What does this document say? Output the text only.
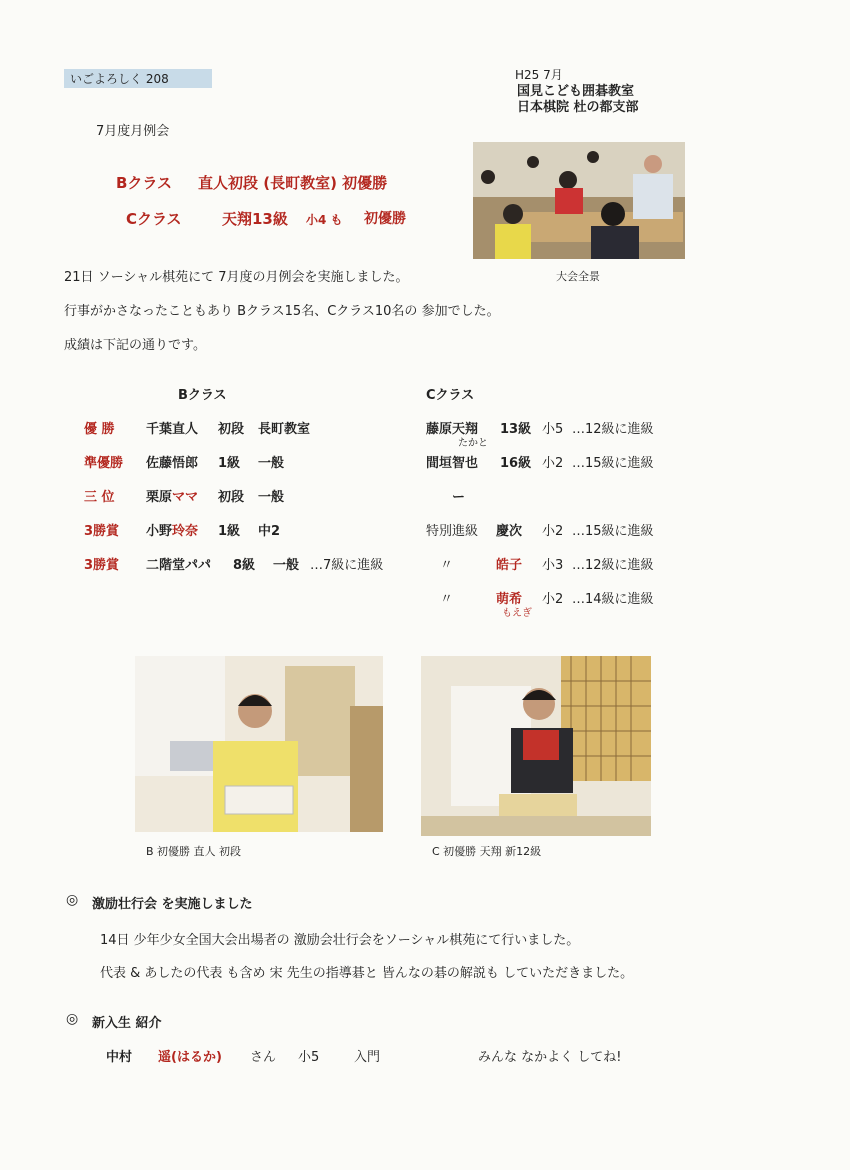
いごよろしく 208	H25 7月
国見こども囲碁教室
日本棋院 杜の都支部
7月度月例会
Bクラス 直人初段 (長町教室) 初優勝
Cクラス	天翔13級 小4 も 初優勝
大会全景
21日 ソーシャル棋苑にて 7月度の月例会を実施しました。
行事がかさなったこともあり Bクラス15名、Cクラス10名の 参加でした。
成績は下記の通りです。
Bクラス
優 勝 千葉直人 初段 長町教室
準優勝 佐藤悟郎 1級 一般
三 位 栗原ママ 初段 一般
3勝賞 小野玲奈 1級 中2
3勝賞 二階堂パパ 8級 一般 …7級に進級
Cクラス
藤原天翔 13級 小5 …12級に進級
たかと
間垣智也 16級 小2 …15級に進級
ー
特別進級 慶次 小2 …15級に進級
〃	皓子 小3 …12級に進級
〃	萌希 小2 …14級に進級
もえぎ
B 初優勝 直人 初段	C 初優勝 天翔 新12級
◎ 激励壮行会 を実施しました
14日 少年少女全国大会出場者の 激励会壮行会をソーシャル棋苑にて行いました。
代表 & あしたの代表 も含め 宋 先生の指導碁と 皆んなの碁の解説も していただきました。
◎ 新入生 紹介
中村 遥(はるか) さん 小5	入門	みんな なかよく してね!
